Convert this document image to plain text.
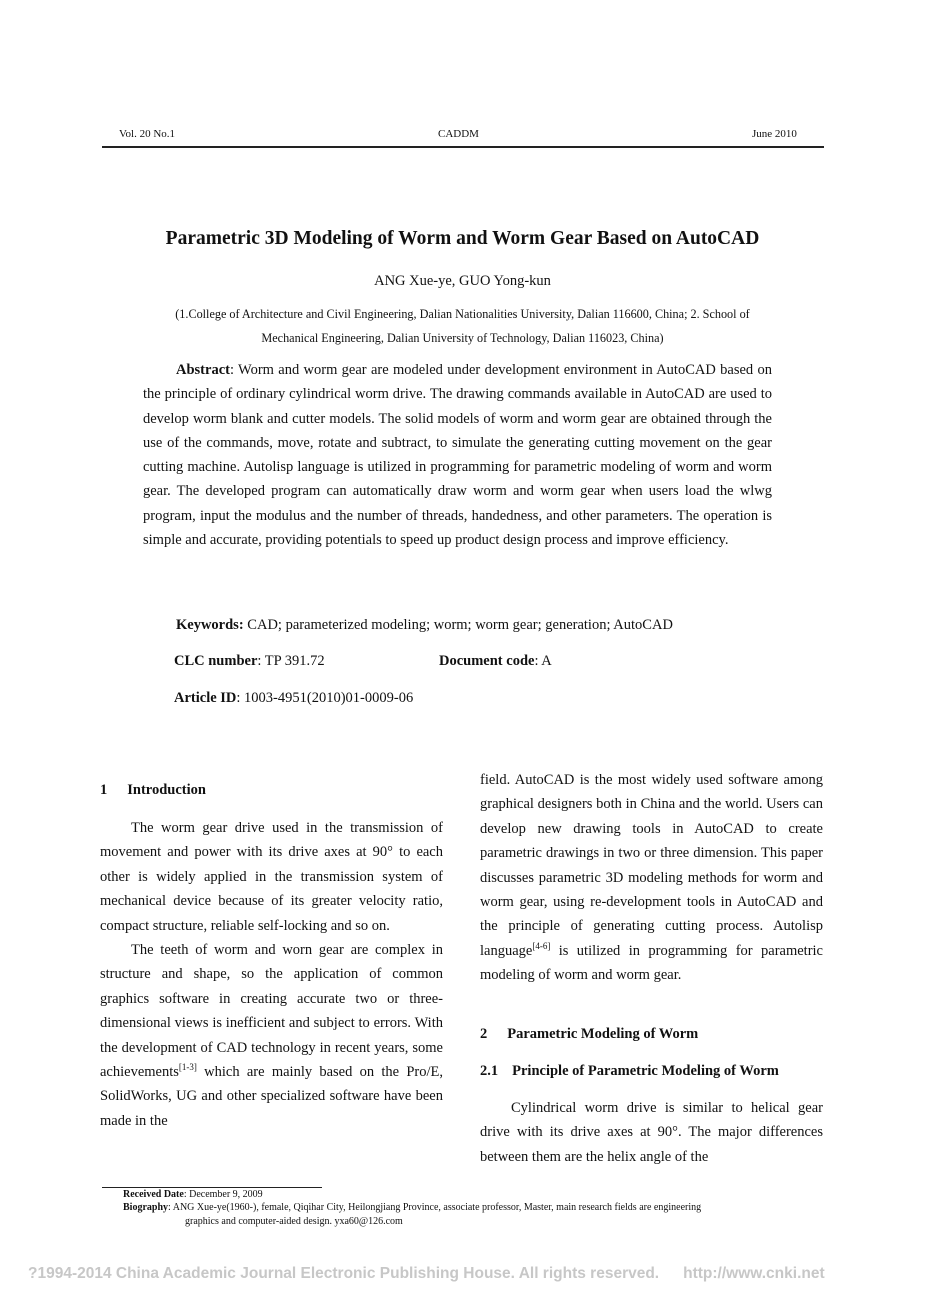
Vol. 20 No.1	CADDM	June 2010
Parametric 3D Modeling of Worm and Worm Gear Based on AutoCAD
ANG Xue-ye, GUO Yong-kun
(1.College of Architecture and Civil Engineering, Dalian Nationalities University, Dalian 116600, China; 2. School of
Mechanical Engineering, Dalian University of Technology, Dalian 116023, China)
Abstract: Worm and worm gear are modeled under development environment in AutoCAD based on the principle of ordinary cylindrical worm drive. The drawing commands available in AutoCAD are used to develop worm blank and cutter models. The solid models of worm and worm gear are obtained through the use of the commands, move, rotate and subtract, to simulate the generating cutting movement on the gear cutting machine. Autolisp language is utilized in programming for parametric modeling of worm and worm gear. The developed program can automatically draw worm and worm gear when users load the wlwg program, input the modulus and the number of threads, handedness, and other parameters. The operation is simple and accurate, providing potentials to speed up product design process and improve efficiency.
Keywords: CAD; parameterized modeling; worm; worm gear; generation; AutoCAD
CLC number: TP 391.72	Document code: A
Article ID: 1003-4951(2010)01-0009-06
1 Introduction

The worm gear drive used in the transmission of movement and power with its drive axes at 90° to each other is widely applied in the transmission system of mechanical device because of its greater velocity ratio, compact structure, reliable self-locking and so on.

The teeth of worm and worn gear are complex in structure and shape, so the application of common graphics software in creating accurate two or three-dimensional views is inefficient and subject to errors. With the development of CAD technology in recent years, some achievements[1-3] which are mainly based on the Pro/E, SolidWorks, UG and other specialized software have been made in the

field. AutoCAD is the most widely used software among graphical designers both in China and the world. Users can develop new drawing tools in AutoCAD to create parametric drawings in two or three dimension. This paper discusses parametric 3D modeling methods for worm and worm gear, using re-development tools in AutoCAD and the principle of generating cutting process. Autolisp language[4-6] is utilized in programming for parametric modeling of worm and worm gear.

2 Parametric Modeling of Worm
2.1 Principle of Parametric Modeling of Worm

Cylindrical worm drive is similar to helical gear drive with its drive axes at 90°. The major differences between them are the helix angle of the

Received Date: December 9, 2009
Biography: ANG Xue-ye(1960-), female, Qiqihar City, Heilongjiang Province, associate professor, Master, main research fields are engineering
graphics and computer-aided design. yxa60@126.com
?1994-2014 China Academic Journal Electronic Publishing House. All rights reserved. http://www.cnki.net
